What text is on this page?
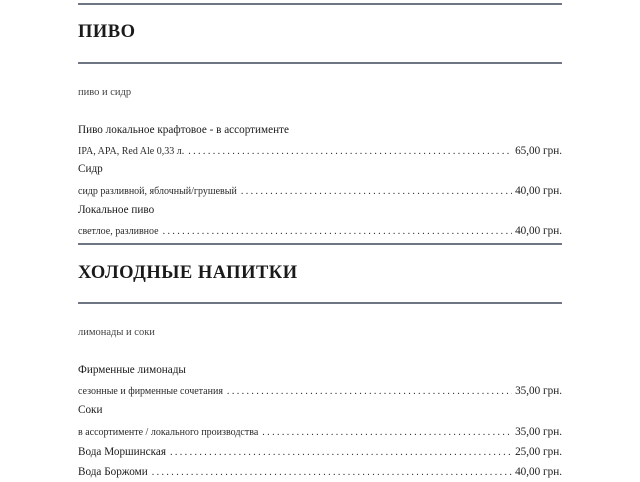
ПИВО
пиво и сидр
Пиво локальное крафтовое - в ассортименте
IPA, APA, Red Ale 0,33 л. .....	65,00 грн.
Сидр
сидр разливной, яблочный/грушевый .....	40,00 грн.
Локальное пиво
светлое, разливное .....	40,00 грн.
ХОЛОДНЫЕ НАПИТКИ
лимонады и соки
Фирменные лимонады
сезонные и фирменные сочетания .....	35,00 грн.
Соки
в ассортименте / локального производства .....	35,00 грн.
Вода Моршинская .....	25,00 грн.
Вода Боржоми .....	40,00 грн.
